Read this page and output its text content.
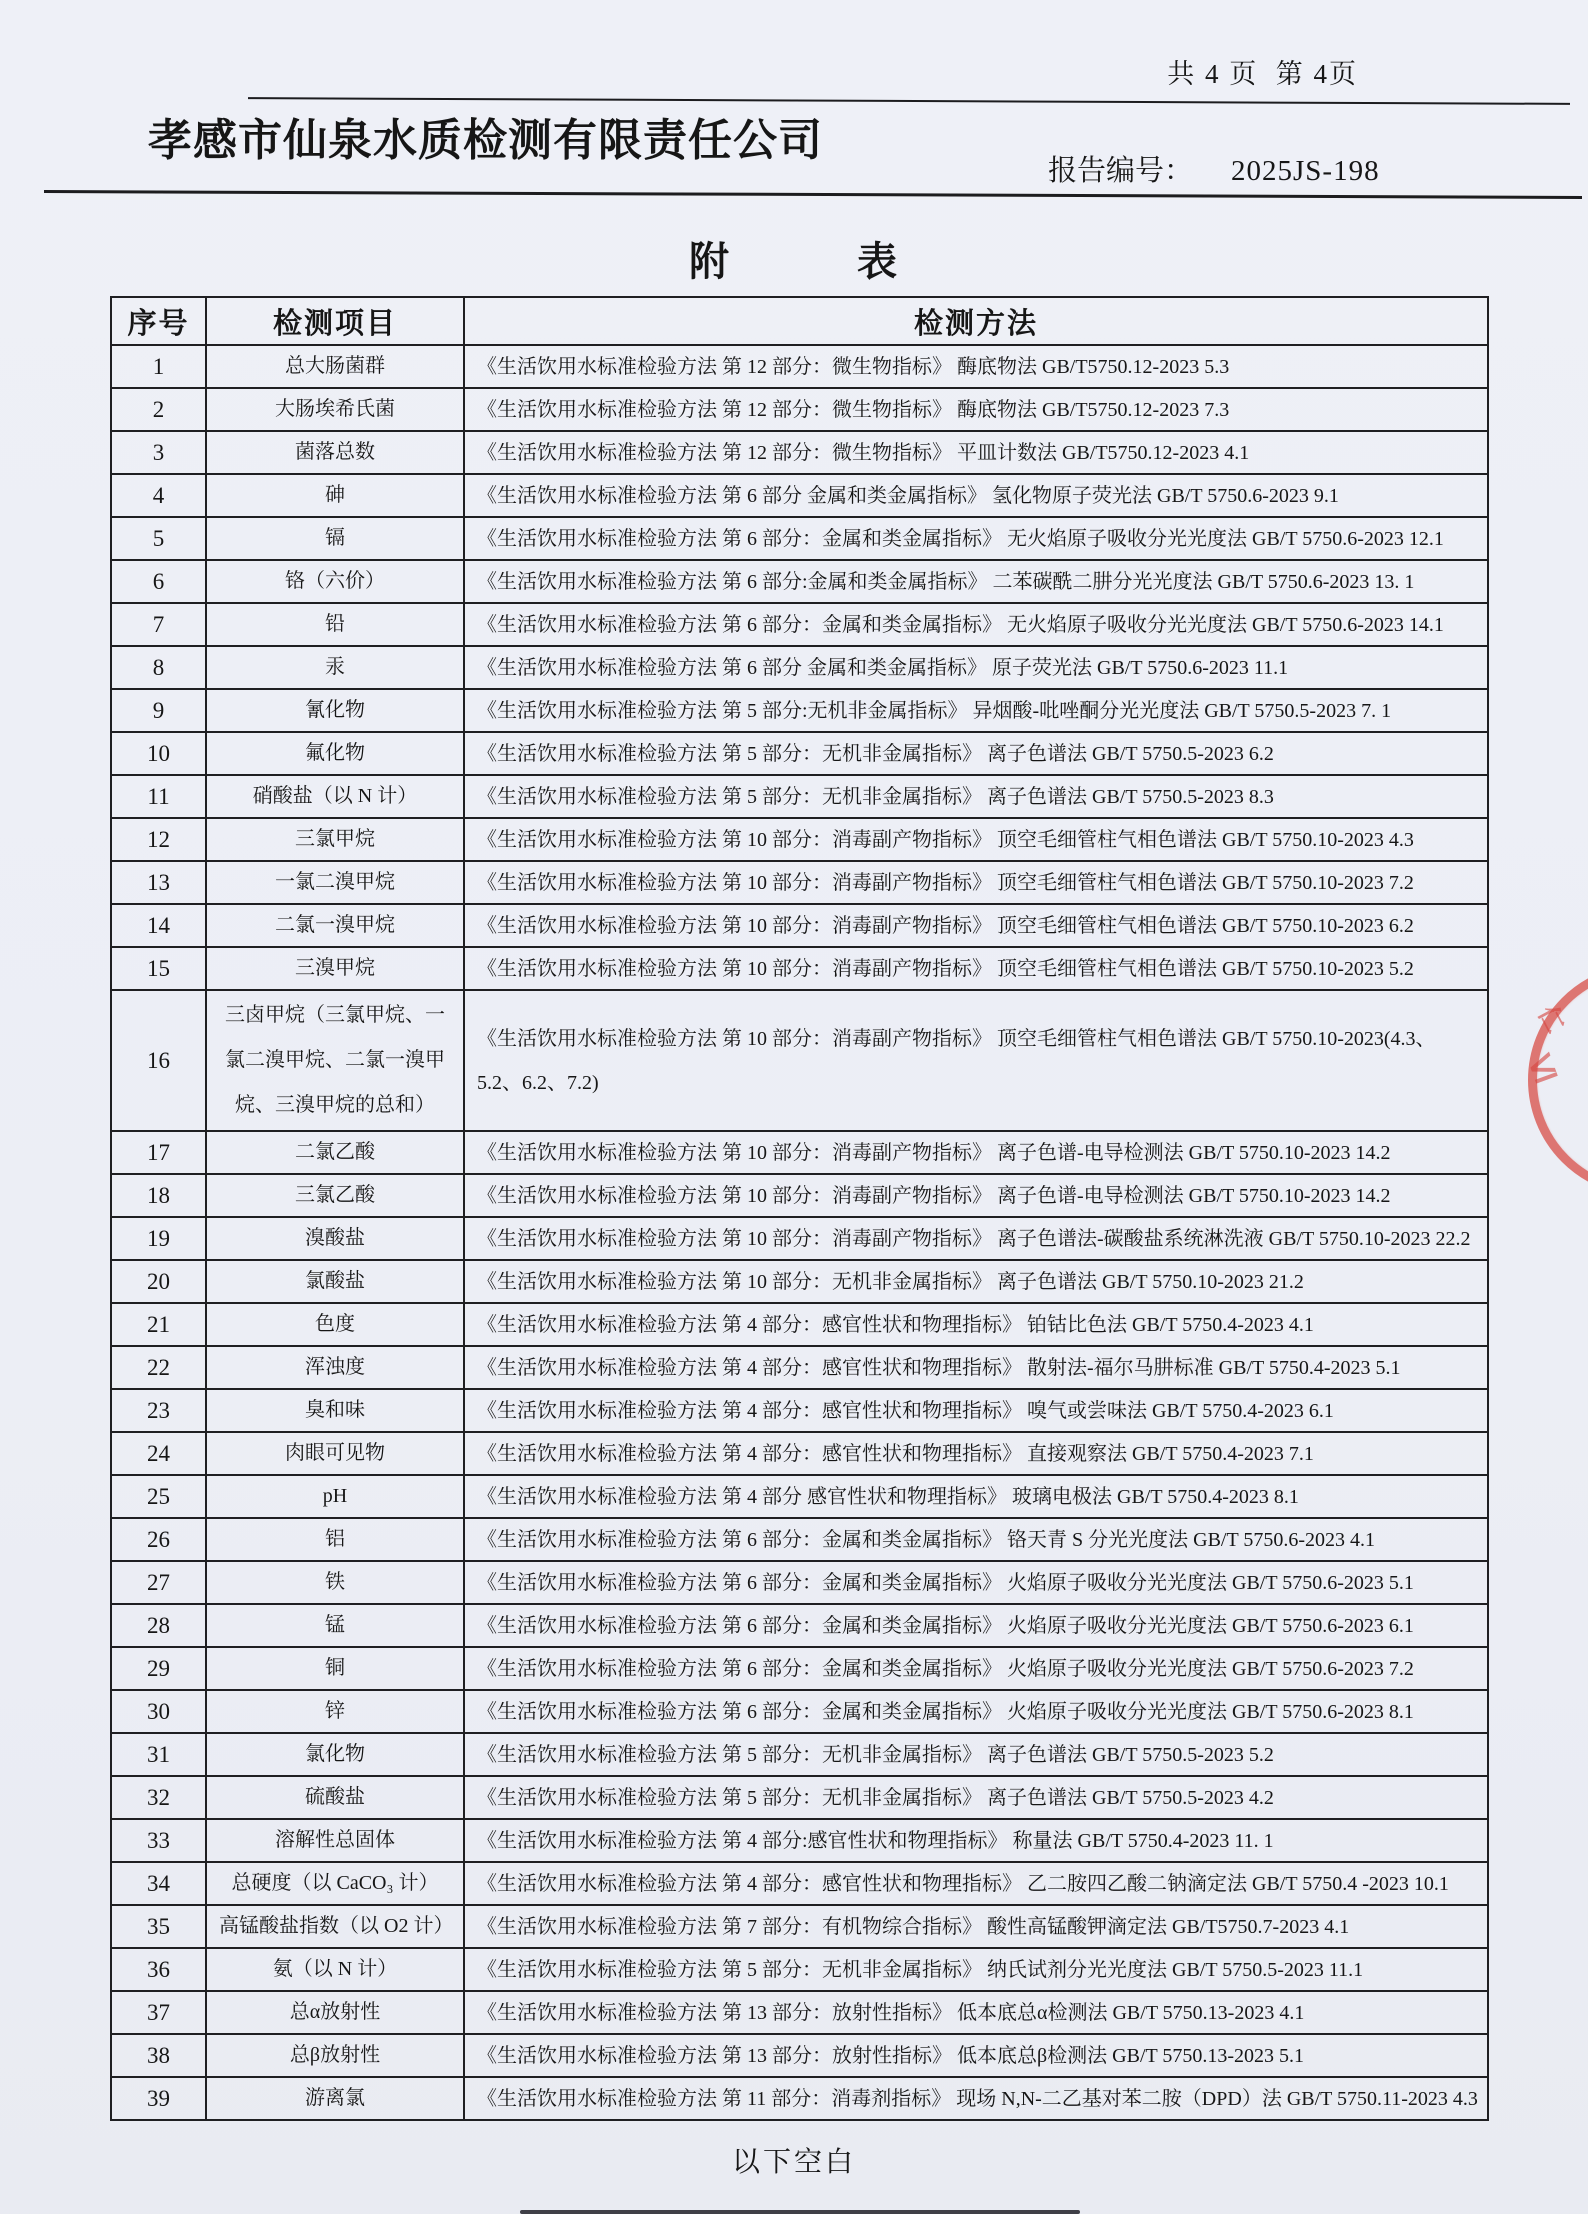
共 4 页  第 4页
孝感市仙泉水质检测有限责任公司
报告编号： 2025JS-198
附　　　表
序号	检测项目	检测方法
1	总大肠菌群	《生活饮用水标准检验方法 第 12 部分：微生物指标》 酶底物法 GB/T5750.12-2023 5.3
2	大肠埃希氏菌	《生活饮用水标准检验方法 第 12 部分：微生物指标》 酶底物法 GB/T5750.12-2023 7.3
3	菌落总数	《生活饮用水标准检验方法 第 12 部分：微生物指标》 平皿计数法 GB/T5750.12-2023 4.1
4	砷	《生活饮用水标准检验方法 第 6 部分 金属和类金属指标》 氢化物原子荧光法 GB/T 5750.6-2023 9.1
5	镉	《生活饮用水标准检验方法 第 6 部分：金属和类金属指标》 无火焰原子吸收分光光度法 GB/T 5750.6-2023 12.1
6	铬（六价）	《生活饮用水标准检验方法 第 6 部分:金属和类金属指标》 二苯碳酰二肼分光光度法 GB/T 5750.6-2023 13. 1
7	铅	《生活饮用水标准检验方法 第 6 部分：金属和类金属指标》 无火焰原子吸收分光光度法 GB/T 5750.6-2023 14.1
8	汞	《生活饮用水标准检验方法 第 6 部分 金属和类金属指标》 原子荧光法 GB/T 5750.6-2023 11.1
9	氰化物	《生活饮用水标准检验方法 第 5 部分:无机非金属指标》 异烟酸-吡唑酮分光光度法 GB/T 5750.5-2023 7. 1
10	氟化物	《生活饮用水标准检验方法 第 5 部分：无机非金属指标》 离子色谱法 GB/T 5750.5-2023 6.2
11	硝酸盐（以 N 计）	《生活饮用水标准检验方法 第 5 部分：无机非金属指标》 离子色谱法 GB/T 5750.5-2023 8.3
12	三氯甲烷	《生活饮用水标准检验方法 第 10 部分：消毒副产物指标》 顶空毛细管柱气相色谱法 GB/T 5750.10-2023 4.3
13	一氯二溴甲烷	《生活饮用水标准检验方法 第 10 部分：消毒副产物指标》 顶空毛细管柱气相色谱法 GB/T 5750.10-2023 7.2
14	二氯一溴甲烷	《生活饮用水标准检验方法 第 10 部分：消毒副产物指标》 顶空毛细管柱气相色谱法 GB/T 5750.10-2023 6.2
15	三溴甲烷	《生活饮用水标准检验方法 第 10 部分：消毒副产物指标》 顶空毛细管柱气相色谱法 GB/T 5750.10-2023 5.2
16	三卤甲烷（三氯甲烷、一氯二溴甲烷、二氯一溴甲烷、三溴甲烷的总和）	《生活饮用水标准检验方法 第 10 部分：消毒副产物指标》 顶空毛细管柱气相色谱法 GB/T 5750.10-2023(4.3、5.2、6.2、7.2)
17	二氯乙酸	《生活饮用水标准检验方法 第 10 部分：消毒副产物指标》 离子色谱-电导检测法 GB/T 5750.10-2023 14.2
18	三氯乙酸	《生活饮用水标准检验方法 第 10 部分：消毒副产物指标》 离子色谱-电导检测法 GB/T 5750.10-2023 14.2
19	溴酸盐	《生活饮用水标准检验方法 第 10 部分：消毒副产物指标》 离子色谱法-碳酸盐系统淋洗液 GB/T 5750.10-2023 22.2
20	氯酸盐	《生活饮用水标准检验方法 第 10 部分：无机非金属指标》 离子色谱法 GB/T 5750.10-2023 21.2
21	色度	《生活饮用水标准检验方法 第 4 部分：感官性状和物理指标》 铂钴比色法 GB/T 5750.4-2023 4.1
22	浑浊度	《生活饮用水标准检验方法 第 4 部分：感官性状和物理指标》 散射法-福尔马肼标准 GB/T 5750.4-2023 5.1
23	臭和味	《生活饮用水标准检验方法 第 4 部分：感官性状和物理指标》 嗅气或尝味法 GB/T 5750.4-2023 6.1
24	肉眼可见物	《生活饮用水标准检验方法 第 4 部分：感官性状和物理指标》 直接观察法 GB/T 5750.4-2023 7.1
25	pH	《生活饮用水标准检验方法 第 4 部分 感官性状和物理指标》 玻璃电极法 GB/T 5750.4-2023 8.1
26	铝	《生活饮用水标准检验方法 第 6 部分：金属和类金属指标》 铬天青 S 分光光度法 GB/T 5750.6-2023 4.1
27	铁	《生活饮用水标准检验方法 第 6 部分：金属和类金属指标》 火焰原子吸收分光光度法 GB/T 5750.6-2023 5.1
28	锰	《生活饮用水标准检验方法 第 6 部分：金属和类金属指标》 火焰原子吸收分光光度法 GB/T 5750.6-2023 6.1
29	铜	《生活饮用水标准检验方法 第 6 部分：金属和类金属指标》 火焰原子吸收分光光度法 GB/T 5750.6-2023 7.2
30	锌	《生活饮用水标准检验方法 第 6 部分：金属和类金属指标》 火焰原子吸收分光光度法 GB/T 5750.6-2023 8.1
31	氯化物	《生活饮用水标准检验方法 第 5 部分：无机非金属指标》 离子色谱法 GB/T 5750.5-2023 5.2
32	硫酸盐	《生活饮用水标准检验方法 第 5 部分：无机非金属指标》 离子色谱法 GB/T 5750.5-2023 4.2
33	溶解性总固体	《生活饮用水标准检验方法 第 4 部分:感官性状和物理指标》 称量法 GB/T 5750.4-2023 11. 1
34	总硬度（以 CaCO₃ 计）	《生活饮用水标准检验方法 第 4 部分：感官性状和物理指标》 乙二胺四乙酸二钠滴定法 GB/T 5750.4 -2023 10.1
35	高锰酸盐指数（以 O2 计）	《生活饮用水标准检验方法 第 7 部分：有机物综合指标》 酸性高锰酸钾滴定法 GB/T5750.7-2023 4.1
36	氨（以 N 计）	《生活饮用水标准检验方法 第 5 部分：无机非金属指标》 纳氏试剂分光光度法 GB/T 5750.5-2023 11.1
37	总α放射性	《生活饮用水标准检验方法 第 13 部分：放射性指标》 低本底总α检测法 GB/T 5750.13-2023 4.1
38	总β放射性	《生活饮用水标准检验方法 第 13 部分：放射性指标》 低本底总β检测法 GB/T 5750.13-2023 5.1
39	游离氯	《生活饮用水标准检验方法 第 11 部分：消毒剂指标》 现场 N,N-二乙基对苯二胺（DPD）法 GB/T 5750.11-2023 4.3
以下空白
仁
Ⅵ
